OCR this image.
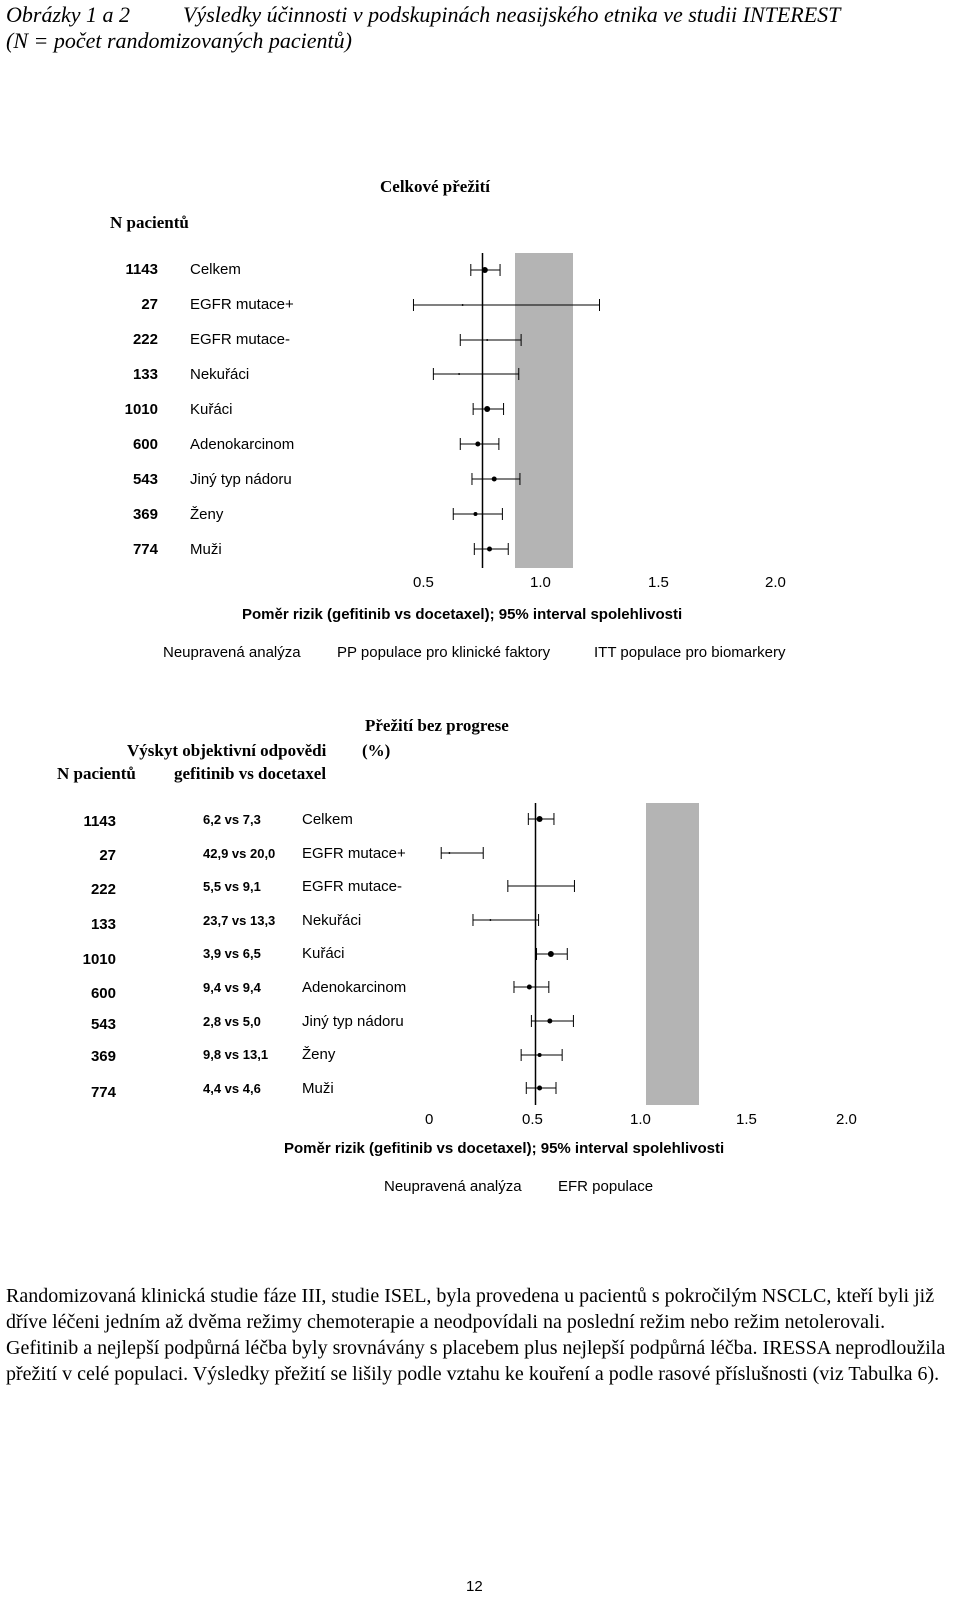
Obrázky 1 a 2 Výsledky účinnosti v podskupinách neasijského etnika ve studii INTEREST
(N = počet randomizovaných pacientů)
Celkové přežití
N pacientů
1143 Celkem
27 EGFR mutace+
222 EGFR mutace-
133 Nekuřáci
1010 Kuřáci
600 Adenokarcinom
543 Jiný typ nádoru
369 Ženy
774 Muži
0.5	1.0	1.5	2.0
Poměr rizik (gefitinib vs docetaxel); 95% interval spolehlivosti
Neupravená analýza PP populace pro klinické faktory	ITT populace pro biomarkery
Přežití bez progrese
Výskyt objektivní odpovědi (%)
N pacientů gefitinib vs docetaxel
1143	6,2 vs 7,3	Celkem
27	42,9 vs 20,0 EGFR mutace+
222	5,5 vs 9,1	EGFR mutace-
133	23,7 vs 13,3 Nekuřáci
1010	3,9 vs 6,5	Kuřáci
600	9,4 vs 9,4	Adenokarcinom
543	2,8 vs 5,0	Jiný typ nádoru
369	9,8 vs 13,1 Ženy
774	4,4 vs 4,6	Muži
0	0.5	1.0	1.5	2.0
Poměr rizik (gefitinib vs docetaxel); 95% interval spolehlivosti
Neupravená analýza EFR populace
Randomizovaná klinická studie fáze III, studie ISEL, byla provedena u pacientů s pokročilým NSCLC, kteří byli již dříve léčeni jedním až dvěma režimy chemoterapie a neodpovídali na poslední režim nebo režim netolerovali. Gefitinib a nejlepší podpůrná léčba byly srovnávány s placebem plus nejlepší podpůrná léčba. IRESSA neprodloužila přežití v celé populaci. Výsledky přežití se lišily podle vztahu ke kouření a podle rasové příslušnosti (viz Tabulka 6).
12
